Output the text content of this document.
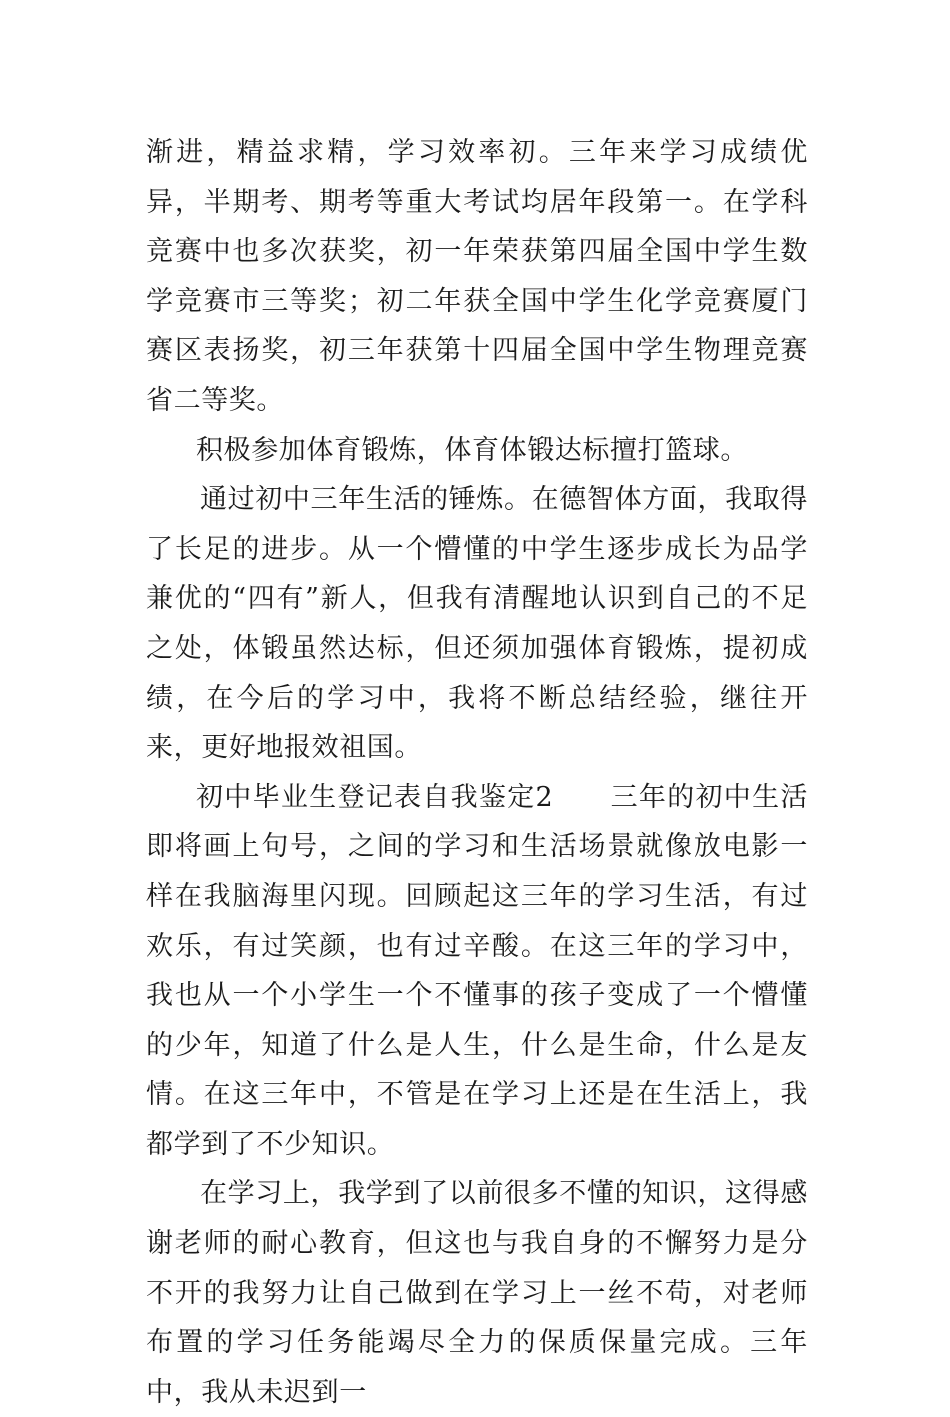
渐进，精益求精，学习效率初。三年来学习成绩优异，半期考、期考等重大考试均居年段第一。在学科竞赛中也多次获奖，初一年荣获第四届全国中学生数学竞赛市三等奖；初二年获全国中学生化学竞赛厦门赛区表扬奖，初三年获第十四届全国中学生物理竞赛省二等奖。

积极参加体育锻炼，体育体锻达标擅打篮球。

通过初中三年生活的锤炼。在德智体方面，我取得了长足的进步。从一个懵懂的中学生逐步成长为品学兼优的“四有”新人，但我有清醒地认识到自己的不足之处，体锻虽然达标，但还须加强体育锻炼，提初成绩，在今后的学习中，我将不断总结经验，继往开来，更好地报效祖国。

初中毕业生登记表自我鉴定2　　三年的初中生活即将画上句号，之间的学习和生活场景就像放电影一样在我脑海里闪现。回顾起这三年的学习生活，有过欢乐，有过笑颜，也有过辛酸。在这三年的学习中，我也从一个小学生一个不懂事的孩子变成了一个懵懂的少年，知道了什么是人生，什么是生命，什么是友情。在这三年中，不管是在学习上还是在生活上，我都学到了不少知识。

在学习上，我学到了以前很多不懂的知识，这得感谢老师的耐心教育，但这也与我自身的不懈努力是分不开的我努力让自己做到在学习上一丝不苟，对老师布置的学习任务能竭尽全力的保质保量完成。三年中，我从未迟到一
